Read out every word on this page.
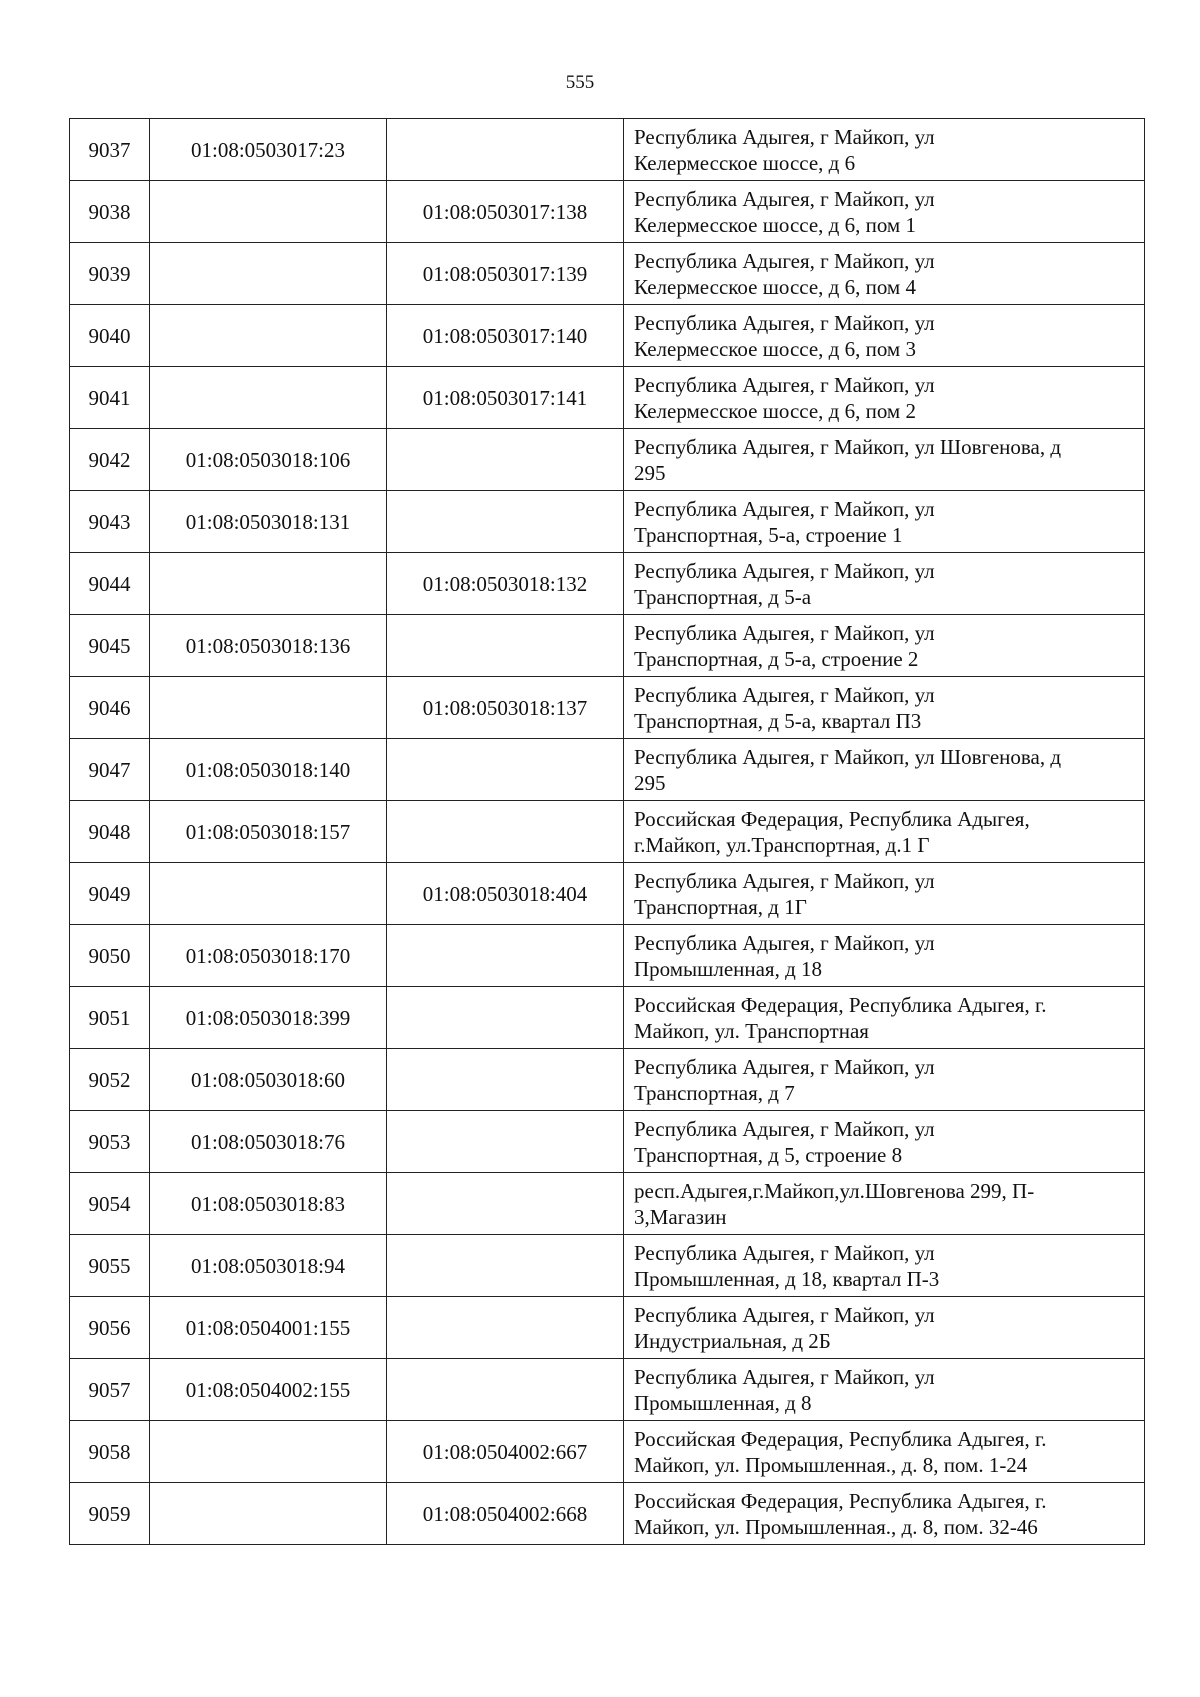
555
9037	01:08:0503017:23		Республика Адыгея, г Майкоп, ул
Келермесское шоссе, д 6

9038		01:08:0503017:138	Республика Адыгея, г Майкоп, ул
Келермесское шоссе, д 6, пом 1

9039		01:08:0503017:139	Республика Адыгея, г Майкоп, ул
Келермесское шоссе, д 6, пом 4

9040		01:08:0503017:140	Республика Адыгея, г Майкоп, ул
Келермесское шоссе, д 6, пом 3

9041		01:08:0503017:141	Республика Адыгея, г Майкоп, ул
Келермесское шоссе, д 6, пом 2

9042	01:08:0503018:106		Республика Адыгея, г Майкоп, ул Шовгенова, д
295

9043	01:08:0503018:131		Республика Адыгея, г Майкоп, ул
Транспортная, 5-а, строение 1

9044		01:08:0503018:132	Республика Адыгея, г Майкоп, ул
Транспортная, д 5-а

9045	01:08:0503018:136		Республика Адыгея, г Майкоп, ул
Транспортная, д 5-а, строение 2

9046		01:08:0503018:137	Республика Адыгея, г Майкоп, ул
Транспортная, д 5-а, квартал П3

9047	01:08:0503018:140		Республика Адыгея, г Майкоп, ул Шовгенова, д
295

9048	01:08:0503018:157		Российская Федерация, Республика Адыгея,
г.Майкоп, ул.Транспортная, д.1 Г

9049		01:08:0503018:404	Республика Адыгея, г Майкоп, ул
Транспортная, д 1Г

9050	01:08:0503018:170		Республика Адыгея, г Майкоп, ул
Промышленная, д 18

9051	01:08:0503018:399		Российская Федерация, Республика Адыгея, г.
Майкоп, ул. Транспортная

9052	01:08:0503018:60		Республика Адыгея, г Майкоп, ул
Транспортная, д 7

9053	01:08:0503018:76		Республика Адыгея, г Майкоп, ул
Транспортная, д 5, строение 8

9054	01:08:0503018:83		респ.Адыгея,г.Майкоп,ул.Шовгенова 299, П-
3,Магазин

9055	01:08:0503018:94		Республика Адыгея, г Майкоп, ул
Промышленная, д 18, квартал П-3

9056	01:08:0504001:155		Республика Адыгея, г Майкоп, ул
Индустриальная, д 2Б

9057	01:08:0504002:155		Республика Адыгея, г Майкоп, ул
Промышленная, д 8

9058		01:08:0504002:667	Российская Федерация, Республика Адыгея, г.
Майкоп, ул. Промышленная., д. 8, пом. 1-24

9059		01:08:0504002:668	Российская Федерация, Республика Адыгея, г.
Майкоп, ул. Промышленная., д. 8, пом. 32-46
